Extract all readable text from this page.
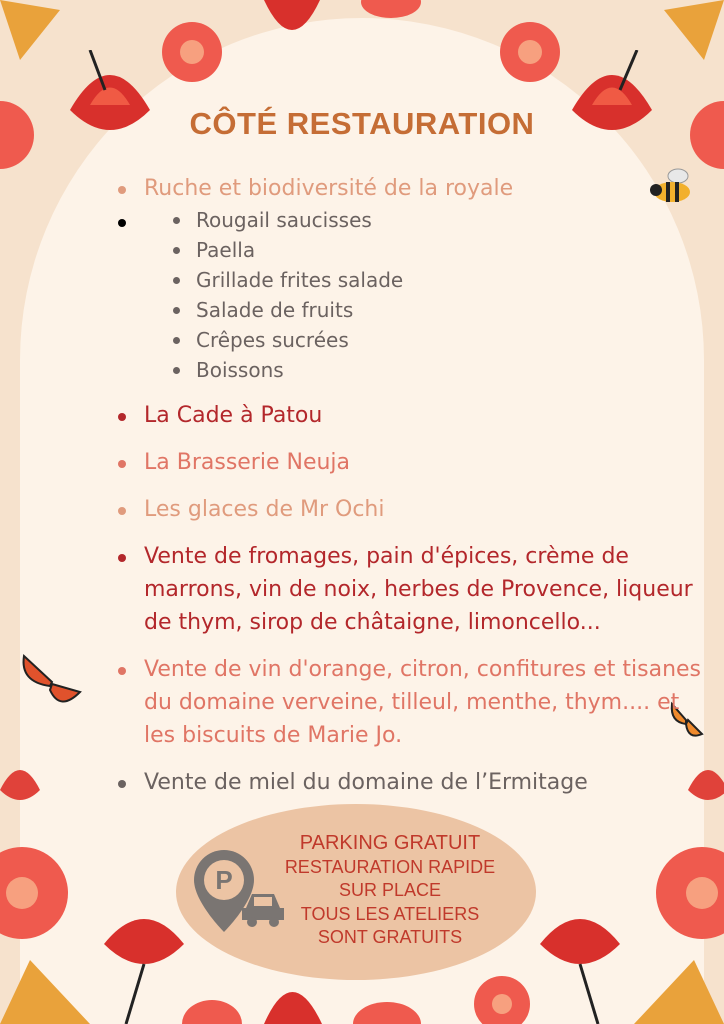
CÔTÉ RESTAURATION
Ruche et biodiversité de la royale
Rougail saucisses
Paella
Grillade frites salade
Salade de fruits
Crêpes sucrées
Boissons
La Cade à Patou
La Brasserie Neuja
Les glaces de Mr Ochi
Vente de fromages, pain d'épices, crème de marrons, vin de noix, herbes de Provence, liqueur de thym, sirop de châtaigne, limoncello...
Vente de vin d'orange, citron, confitures et tisanes du domaine verveine, tilleul, menthe, thym.... et les biscuits de Marie Jo.
Vente de miel du domaine de l’Ermitage
P
PARKING GRATUIT
RESTAURATION RAPIDE
SUR PLACE
TOUS LES ATELIERS
SONT GRATUITS
